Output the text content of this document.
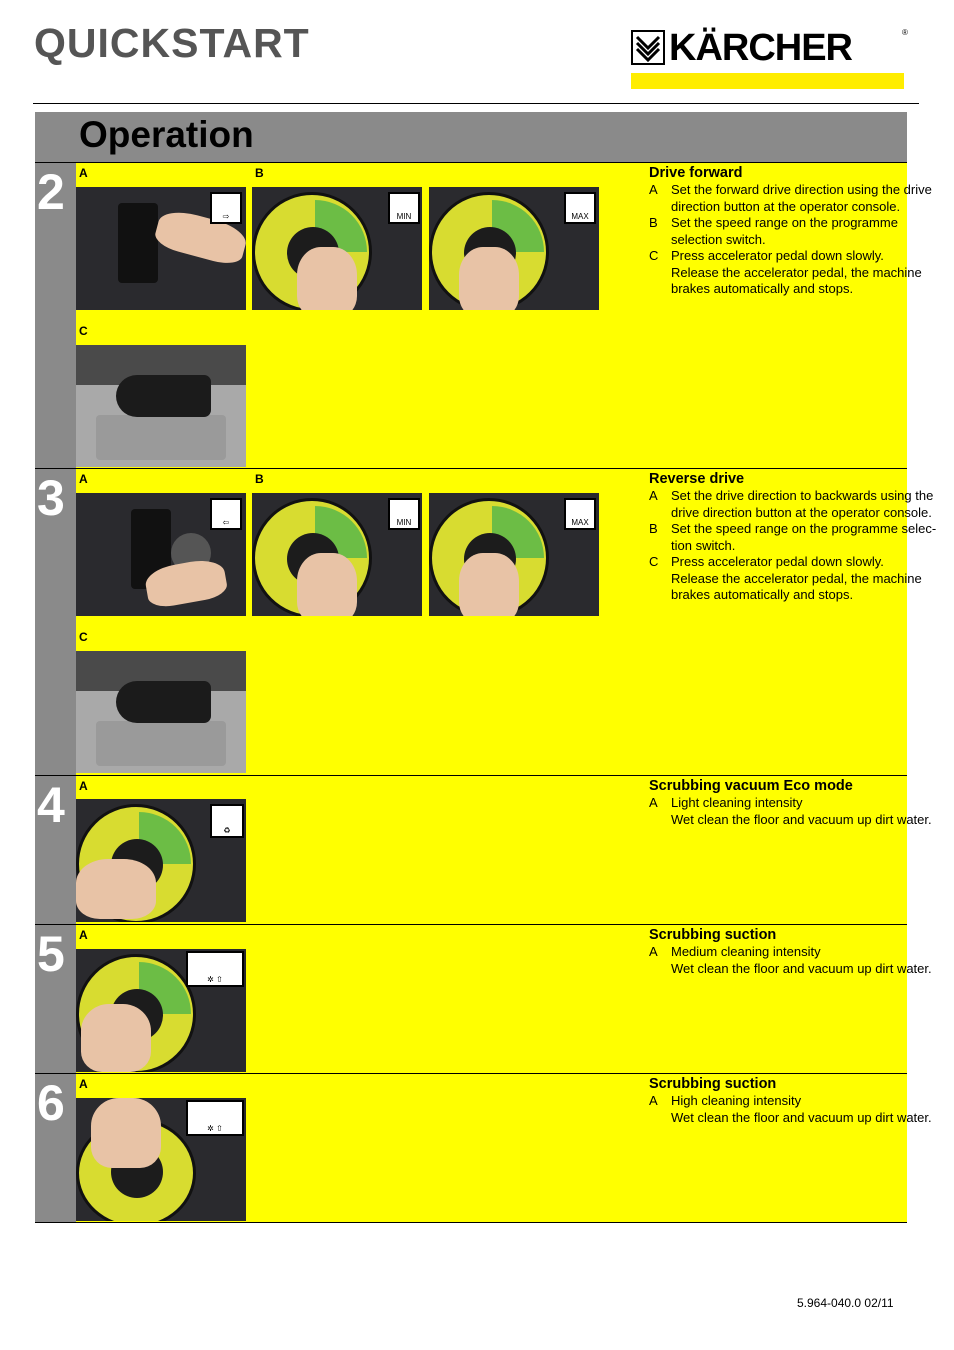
QUICKSTART	KÄRCHER	®
Operation
2 A	B
C
⇨	MIN	MAX
Drive forward
A	Set the forward drive direction using the drive direction button at the operator console.
B	Set the speed range on the programme selection switch.
C Press accelerator pedal down slowly.
Release the accelerator pedal, the machine brakes automatically and stops.
3 A	B
C
⇦	MIN	MAX
Reverse drive
A	Set the drive direction to backwards using the drive direction button at the operator console.
B	Set the speed range on the programme selec-tion switch.
C Press accelerator pedal down slowly.
Release the accelerator pedal, the machine brakes automatically and stops.
4 A
♻
Scrubbing vacuum Eco mode
A	Light cleaning intensity
Wet clean the floor and vacuum up dirt water.
5 A
✲ ⇧
Scrubbing suction
A	Medium cleaning intensity
Wet clean the floor and vacuum up dirt water.
6 A
✲ ⇧
Scrubbing suction
A	High cleaning intensity
Wet clean the floor and vacuum up dirt water.
5.964-040.0 02/11
